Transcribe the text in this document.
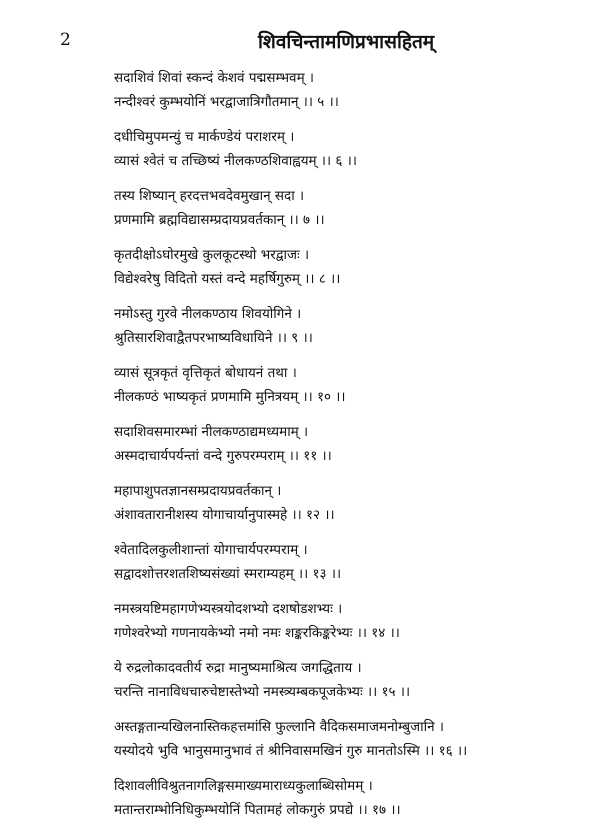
2	शिवचिन्तामणिप्रभासहितम्
सदाशिवं शिवां स्कन्दं केशवं पद्मसम्भवम् ।
नन्दीश्वरं कुम्भयोनिं भरद्वाजात्रिगौतमान् ।। ५ ।।
दधीचिमुपमन्युं च मार्कण्डेयं पराशरम् ।
व्यासं श्वेतं च तच्छिष्यं नीलकण्ठशिवाह्वयम् ।। ६ ।।
तस्य शिष्यान् हरदत्तभवदेवमुखान् सदा ।
प्रणमामि ब्रह्मविद्यासम्प्रदायप्रवर्तकान् ।। ७ ।।
कृतदीक्षोऽघोरमुखे कुलकूटस्थो भरद्वाजः ।
विद्येश्वरेषु विदितो यस्तं वन्दे महर्षिगुरुम् ।। ८ ।।
नमोऽस्तु गुरवे नीलकण्ठाय शिवयोगिने ।
श्रुतिसारशिवाद्वैतपरभाष्यविधायिने ।। ९ ।।
व्यासं सूत्रकृतं वृत्तिकृतं बोधायनं तथा ।
नीलकण्ठं भाष्यकृतं प्रणमामि मुनित्रयम् ।। १० ।।
सदाशिवसमारम्भां नीलकण्ठाद्यमध्यमाम् ।
अस्मदाचार्यपर्यन्तां वन्दे गुरुपरम्पराम् ।। ११ ।।
महापाशुपतज्ञानसम्प्रदायप्रवर्तकान् ।
अंशावतारानीशस्य योगाचार्यानुपास्महे ।। १२ ।।
श्वेतादिलकुलीशान्तां योगाचार्यपरम्पराम् ।
सद्वादशोत्तरशतशिष्यसंख्यां स्मराम्यहम् ।। १३ ।।
नमस्त्रयष्टिमहागणेभ्यस्त्रयोदशभ्यो दशषोडशभ्यः ।
गणेश्वरेभ्यो गणनायकेभ्यो नमो नमः शङ्करकिङ्करेभ्यः ।। १४ ।।
ये रुद्रलोकादवतीर्य रुद्रा मानुष्यमाश्रित्य जगद्धिताय ।
चरन्ति नानाविधचारुचेष्टास्तेभ्यो नमस्त्र्यम्बकपूजकेभ्यः ।। १५ ।।
अस्तङ्गतान्यखिलनास्तिकहत्तमांसि फुल्लानि वैदिकसमाजमनोम्बुजानि ।
यस्योदये भुवि भानुसमानुभावं तं श्रीनिवासमखिनं गुरु मानतोऽस्मि ।। १६ ।।
दिशावलीविश्रुतनागलिङ्गसमाख्यमाराध्यकुलाब्धिसोमम् ।
मतान्तराम्भोनिधिकुम्भयोनिं पितामहं लोकगुरुं प्रपद्ये ।। १७ ।।
